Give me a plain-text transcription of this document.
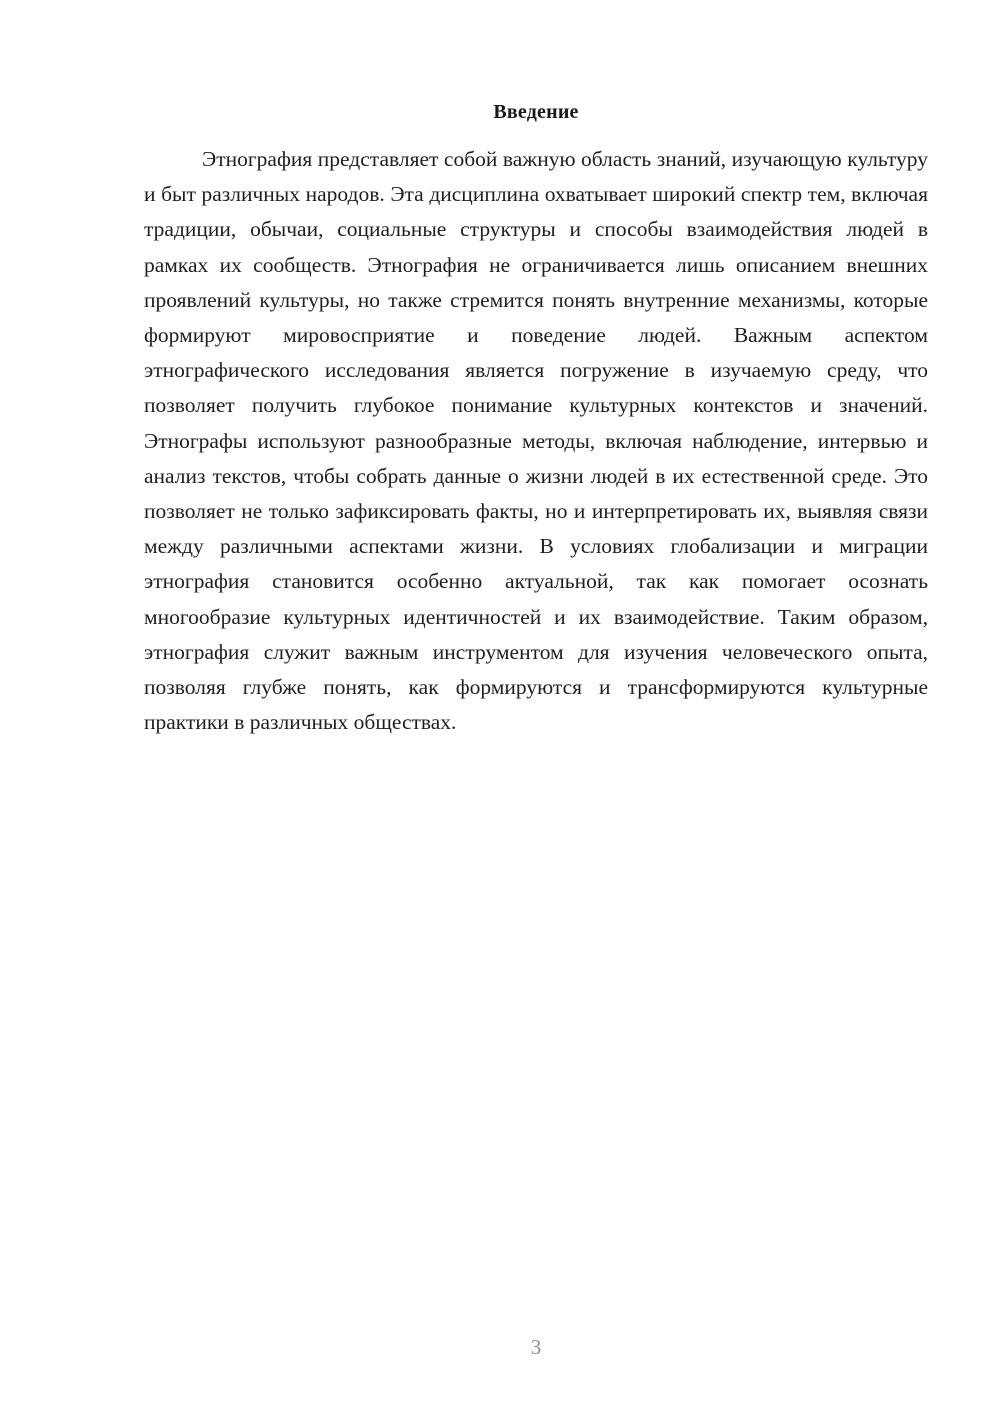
Введение

Этнография представляет собой важную область знаний, изучающую культуру и быт различных народов. Эта дисциплина охватывает широкий спектр тем, включая традиции, обычаи, социальные структуры и способы взаимодействия людей в рамках их сообществ. Этнография не ограничивается лишь описанием внешних проявлений культуры, но также стремится понять внутренние механизмы, которые формируют мировосприятие и поведение людей. Важным аспектом этнографического исследования является погружение в изучаемую среду, что позволяет получить глубокое понимание культурных контекстов и значений. Этнографы используют разнообразные методы, включая наблюдение, интервью и анализ текстов, чтобы собрать данные о жизни людей в их естественной среде. Это позволяет не только зафиксировать факты, но и интерпретировать их, выявляя связи между различными аспектами жизни. В условиях глобализации и миграции этнография становится особенно актуальной, так как помогает осознать многообразие культурных идентичностей и их взаимодействие. Таким образом, этнография служит важным инструментом для изучения человеческого опыта, позволяя глубже понять, как формируются и трансформируются культурные практики в различных обществах.

3
